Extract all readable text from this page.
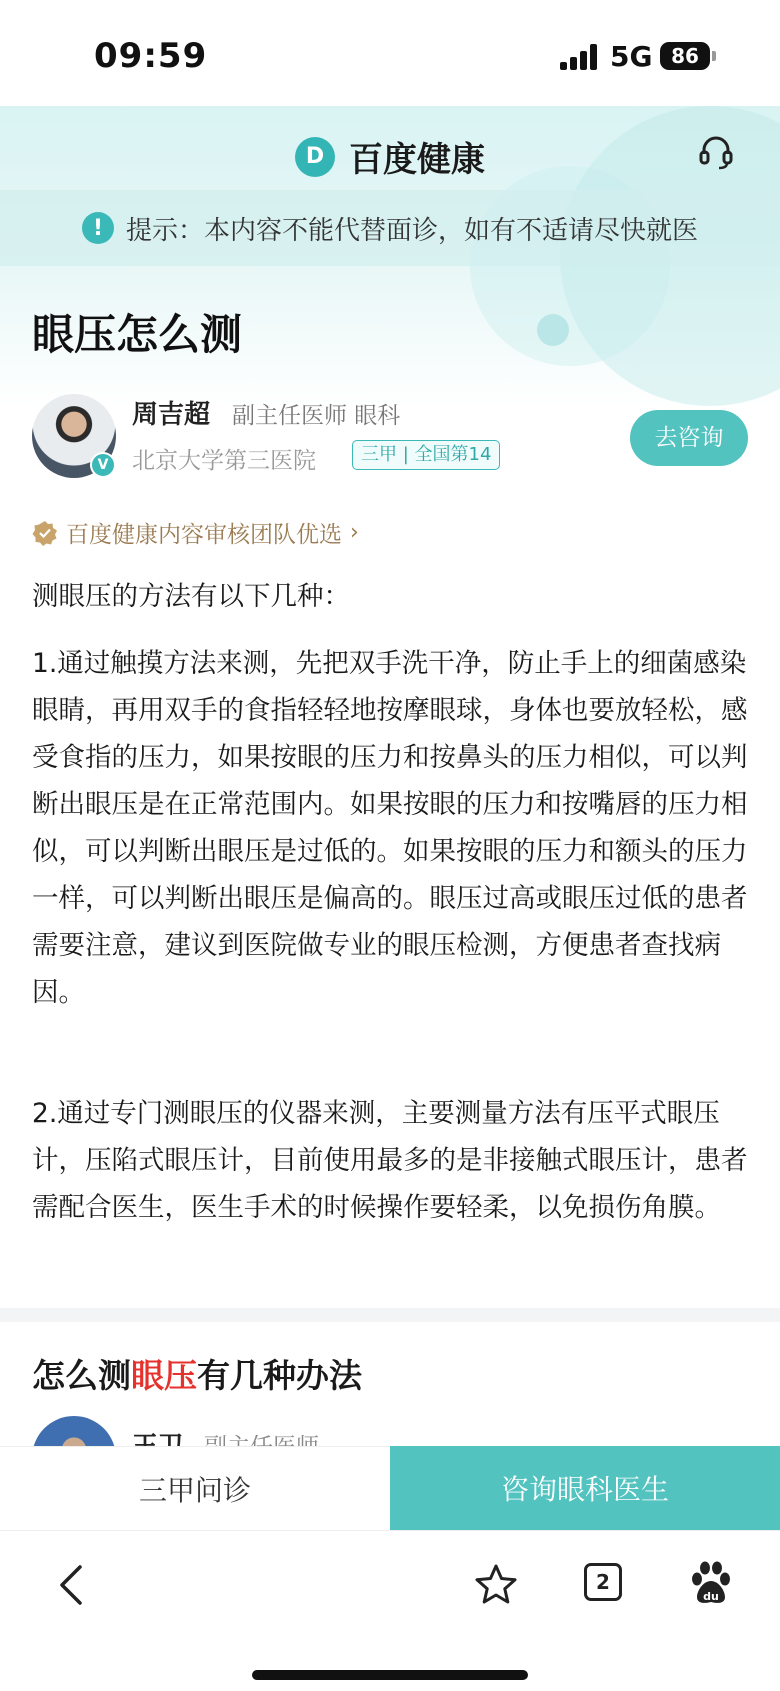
09:59	5G 86
D 百度健康
! 提示：本内容不能代替面诊，如有不适请尽快就医
眼压怎么测
V
周吉超 副主任医师 眼科
北京大学第三医院	三甲 | 全国第14
去咨询
百度健康内容审核团队优选 ›
测眼压的方法有以下几种：
1.通过触摸方法来测，先把双手洗干净，防止手上的细菌感染眼睛，再用双手的食指轻轻地按摩眼球，身体也要放轻松，感受食指的压力，如果按眼的压力和按鼻头的压力相似，可以判断出眼压是在正常范围内。如果按眼的压力和按嘴唇的压力相似，可以判断出眼压是过低的。如果按眼的压力和额头的压力一样，可以判断出眼压是偏高的。眼压过高或眼压过低的患者需要注意，建议到医院做专业的眼压检测，方便患者查找病因。
2.通过专门测眼压的仪器来测，主要测量方法有压平式眼压计，压陷式眼压计，目前使用最多的是非接触式眼压计，患者需配合医生，医生手术的时候操作要轻柔，以免损伤角膜。
怎么测眼压有几种办法
三甲问诊	咨询眼科医生
2
du
